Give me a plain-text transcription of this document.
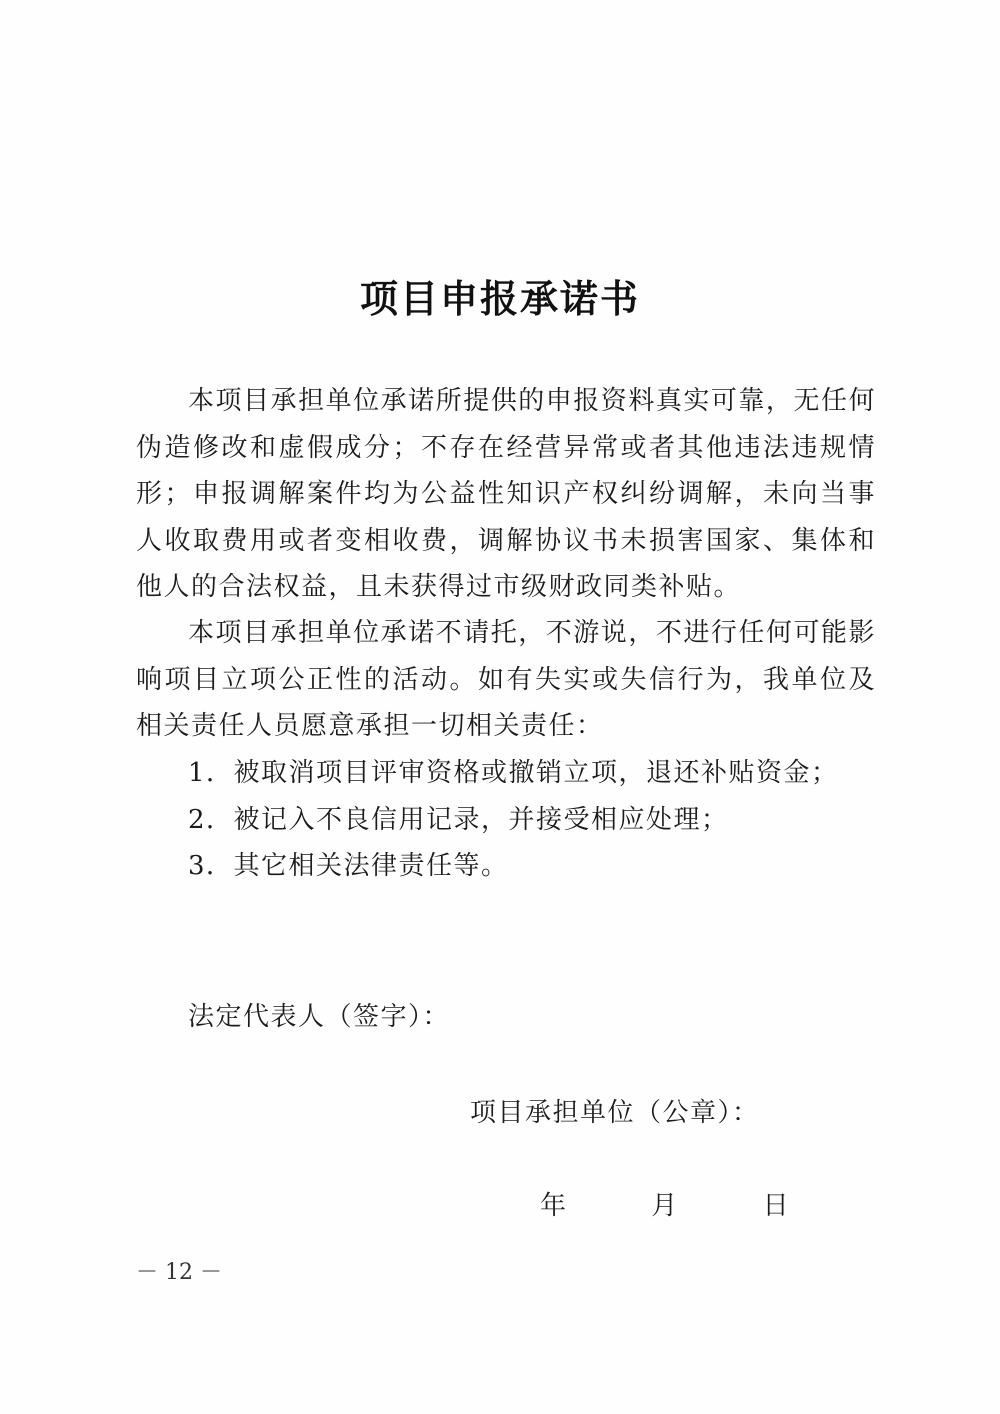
项目申报承诺书

本项目承担单位承诺所提供的申报资料真实可靠，无任何伪造修改和虚假成分；不存在经营异常或者其他违法违规情形；申报调解案件均为公益性知识产权纠纷调解，未向当事人收取费用或者变相收费，调解协议书未损害国家、集体和他人的合法权益，且未获得过市级财政同类补贴。

本项目承担单位承诺不请托，不游说，不进行任何可能影响项目立项公正性的活动。如有失实或失信行为，我单位及相关责任人员愿意承担一切相关责任：

1．被取消项目评审资格或撤销立项，退还补贴资金；
2．被记入不良信用记录，并接受相应处理；
3．其它相关法律责任等。
法定代表人（签字）：
项目承担单位（公章）：
年	月	日
－ 12 －
